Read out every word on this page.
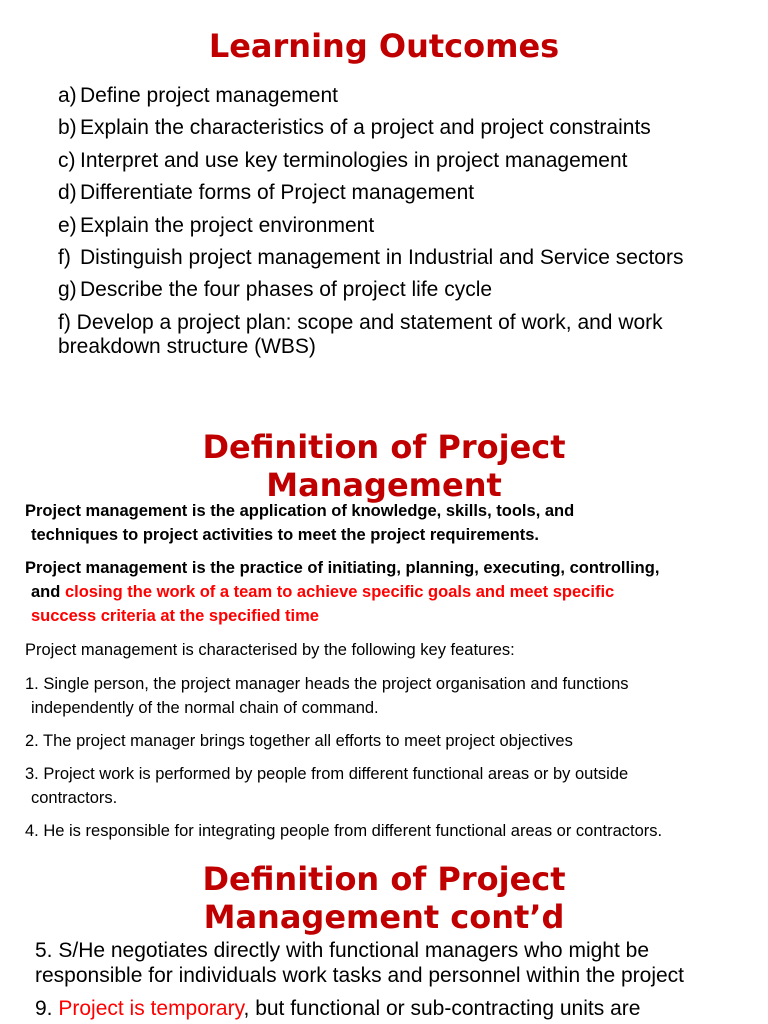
Learning Outcomes
a) Define project management
b) Explain the characteristics of a project and project constraints
c) Interpret and use key terminologies in project management
d) Differentiate forms of Project management
e) Explain the project environment
f) Distinguish project management in Industrial and Service sectors
g) Describe the four phases of project life cycle
f) Develop a project plan: scope and statement of work, and work breakdown structure (WBS)
Definition of Project
Management

Project management is the application of knowledge, skills, tools, and
techniques to project activities to meet the project requirements.

Project management is the practice of initiating, planning, executing, controlling,
and closing the work of a team to achieve specific goals and meet specific
success criteria at the specified time

Project management is characterised by the following key features:

1. Single person, the project manager heads the project organisation and functions
independently of the normal chain of command.

2. The project manager brings together all efforts to meet project objectives

3. Project work is performed by people from different functional areas or by outside
contractors.

4. He is responsible for integrating people from different functional areas or contractors.

Definition of Project
Management cont’d

5. S/He negotiates directly with functional managers who might be
responsible for individuals work tasks and personnel within the project

9. Project is temporary, but functional or sub-contracting units are
